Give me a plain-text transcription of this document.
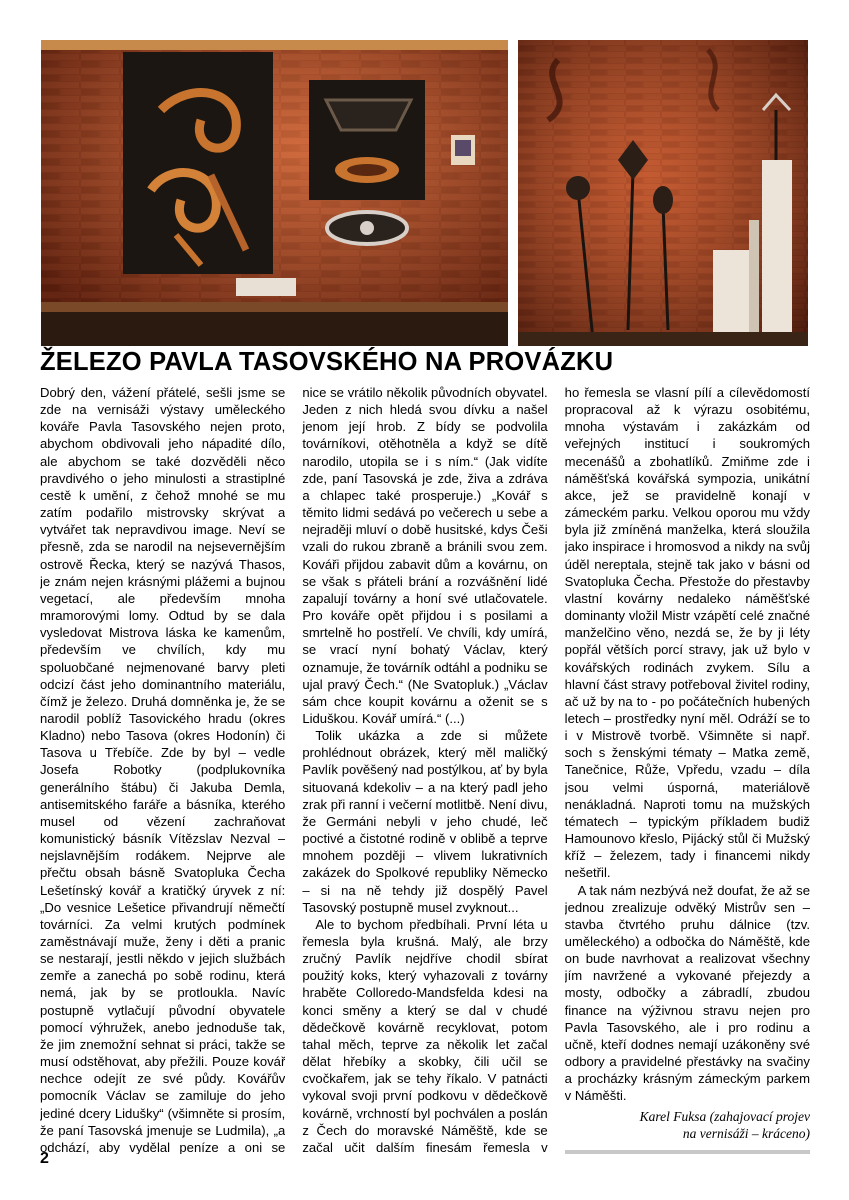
ŽELEZO PAVLA TASOVSKÉHO NA PROVÁZKU

Dobrý den, vážení přátelé, sešli jsme se zde na vernisáži výstavy uměleckého kováře Pavla Tasovského nejen proto, abychom obdivovali jeho nápadité dílo, ale abychom se také dozvěděli něco pravdivého o jeho minulosti a strastiplné cestě k umění, z čehož mnohé se mu zatím podařilo mistrovsky skrývat a vytvářet tak nepravdivou image. Neví se přesně, zda se narodil na nejsevernějším ostrově Řecka, který se nazývá Thasos, je znám nejen krásnými plážemi a bujnou vegetací, ale především mnoha mramorovými lomy. Odtud by se dala vysledovat Mistrova láska ke kamenům, především ve chvílích, kdy mu spoluobčané nejmenované barvy pleti odcizí část jeho dominantního materiálu, čímž je železo. Druhá domněnka je, že se narodil poblíž Tasovického hradu (okres Kladno) nebo Tasova (okres Hodonín) či Tasova u Třebíče. Zde by byl – vedle Josefa Robotky (podplukovníka generálního štábu) či Jakuba Demla, antisemitského faráře a básníka, kterého musel od vězení zachraňovat komunistický básník Vítězslav Nezval – nejslavnějším rodákem. Nejprve ale přečtu obsah básně Svatopluka Čecha Lešetínský kovář a kratičký úryvek z ní: „Do vesnice Lešetice přivandrují němečtí továrníci. Za velmi krutých podmínek zaměstnávají muže, ženy i děti a pranic se nestarají, jestli někdo v jejich službách zemře a zanechá po sobě rodinu, která nemá, jak by se protloukla. Navíc postupně vytlačují původní obyvatele pomocí výhružek, anebo jednoduše tak, že jim znemožní sehnat si práci, takže se musí odstěhovat, aby přežili. Pouze kovář nechce odejít ze své půdy. Kovářův pomocník Václav se zamiluje do jeho jediné dcery Lidušky“ (všimněte si prosím, že paní Tasovská jmenuje se Ludmila), „a odchází, aby vydělal peníze a oni se

nice se vrátilo několik původních obyvatel. Jeden z nich hledá svou dívku a našel jenom její hrob. Z bídy se podvolila továrníkovi, otěhotněla a když se dítě narodilo, utopila se i s ním.“ (Jak vidíte zde, paní Tasovská je zde, živa a zdráva a chlapec také prosperuje.) „Kovář s těmito lidmi sedává po večerech u sebe a nejraději mluví o době husitské, kdys Češi vzali do rukou zbraně a bránili svou zem. Kováři přijdou zabavit dům a kovárnu, on se však s přáteli brání a rozvášnění lidé zapalují továrny a honí své utlačovatele. Pro kováře opět přijdou i s posilami a smrtelně ho postřelí. Ve chvíli, kdy umírá, se vrací nyní bohatý Václav, který oznamuje, že továrník odtáhl a podniku se ujal pravý Čech.“ (Ne Svatopluk.) „Václav sám chce koupit kovárnu a oženit se s Liduškou. Kovář umírá.“ (...)

Tolik ukázka a zde si můžete prohlédnout obrázek, který měl maličký Pavlík pověšený nad postýlkou, ať by byla situovaná kdekoliv – a na který padl jeho zrak při ranní i večerní motlitbě. Není divu, že Germáni nebyli v jeho chudé, leč poctivé a čistotné rodině v oblibě a teprve mnohem později – vlivem lukrativních zakázek do Spolkové republiky Německo – si na ně tehdy již dospělý Pavel Tasovský postupně musel zvyknout...

Ale to bychom předbíhali. První léta u řemesla byla krušná. Malý, ale brzy zručný Pavlík nejdříve chodil sbírat použitý koks, který vyhazovali z továrny hraběte Colloredo-Mandsfelda kdesi na konci směny a který se dal v chudé dědečkově kovárně recyklovat, potom tahal měch, teprve za několik let začal dělat hřebíky a skobky, čili učil se cvočkařem, jak se tehy říkalo. V patnácti vykoval svoji první podkovu v dědečkově kovárně, vrchností byl pochválen a poslán z Čech do moravské Náměště, kde se začal učit dalším finesám řemesla v

ho řemesla se vlasní pílí a cílevědomostí propracoval až k výrazu osobitému, mnoha výstavám i zakázkám od veřejných institucí i soukromých mecenášů a zbohatlíků. Zmiňme zde i náměšťská kovářská sympozia, unikátní akce, jež se pravidelně konají v zámeckém parku. Velkou oporou mu vždy byla již zmíněná manželka, která sloužila jako inspirace i hromosvod a nikdy na svůj úděl nereptala, stejně tak jako v básni od Svatopluka Čecha. Přestože do přestavby vlastní kovárny nedaleko náměšťské dominanty vložil Mistr vzápětí celé značné manželčino věno, nezdá se, že by ji léty popřál větších porcí stravy, jak už bylo v kovářských rodinách zvykem. Sílu a hlavní část stravy potřeboval živitel rodiny, ač už by na to - po počátečních hubených letech – prostředky nyní měl. Odráží se to i v Mistrově tvorbě. Všimněte si např. soch s ženskými tématy – Matka země, Tanečnice, Růže, Vpředu, vzadu – díla jsou velmi úsporná, materiálově nenákladná. Naproti tomu na mužských tématech – typickým příkladem budiž Hamounovo křeslo, Pijácký stůl či Mužský kříž – železem, tady i financemi nikdy nešetřil.

A tak nám nezbývá než doufat, že až se jednou zrealizuje odvěký Mistrův sen – stavba čtvrtého pruhu dálnice (tzv. uměleckého) a odbočka do Náměště, kde on bude navrhovat a realizovat všechny jím navržené a vykované přejezdy a mosty, odbočky a zábradlí, zbudou finance na výživnou stravu nejen pro Pavla Tasovského, ale i pro rodinu a učně, kteří dodnes nemají uzákoněny své odbory a pravidelné přestávky na svačiny a procházky krásným zámeckým parkem v Náměšti.

Karel Fuksa (zahajovací projev
na vernisáži – kráceno)
2
